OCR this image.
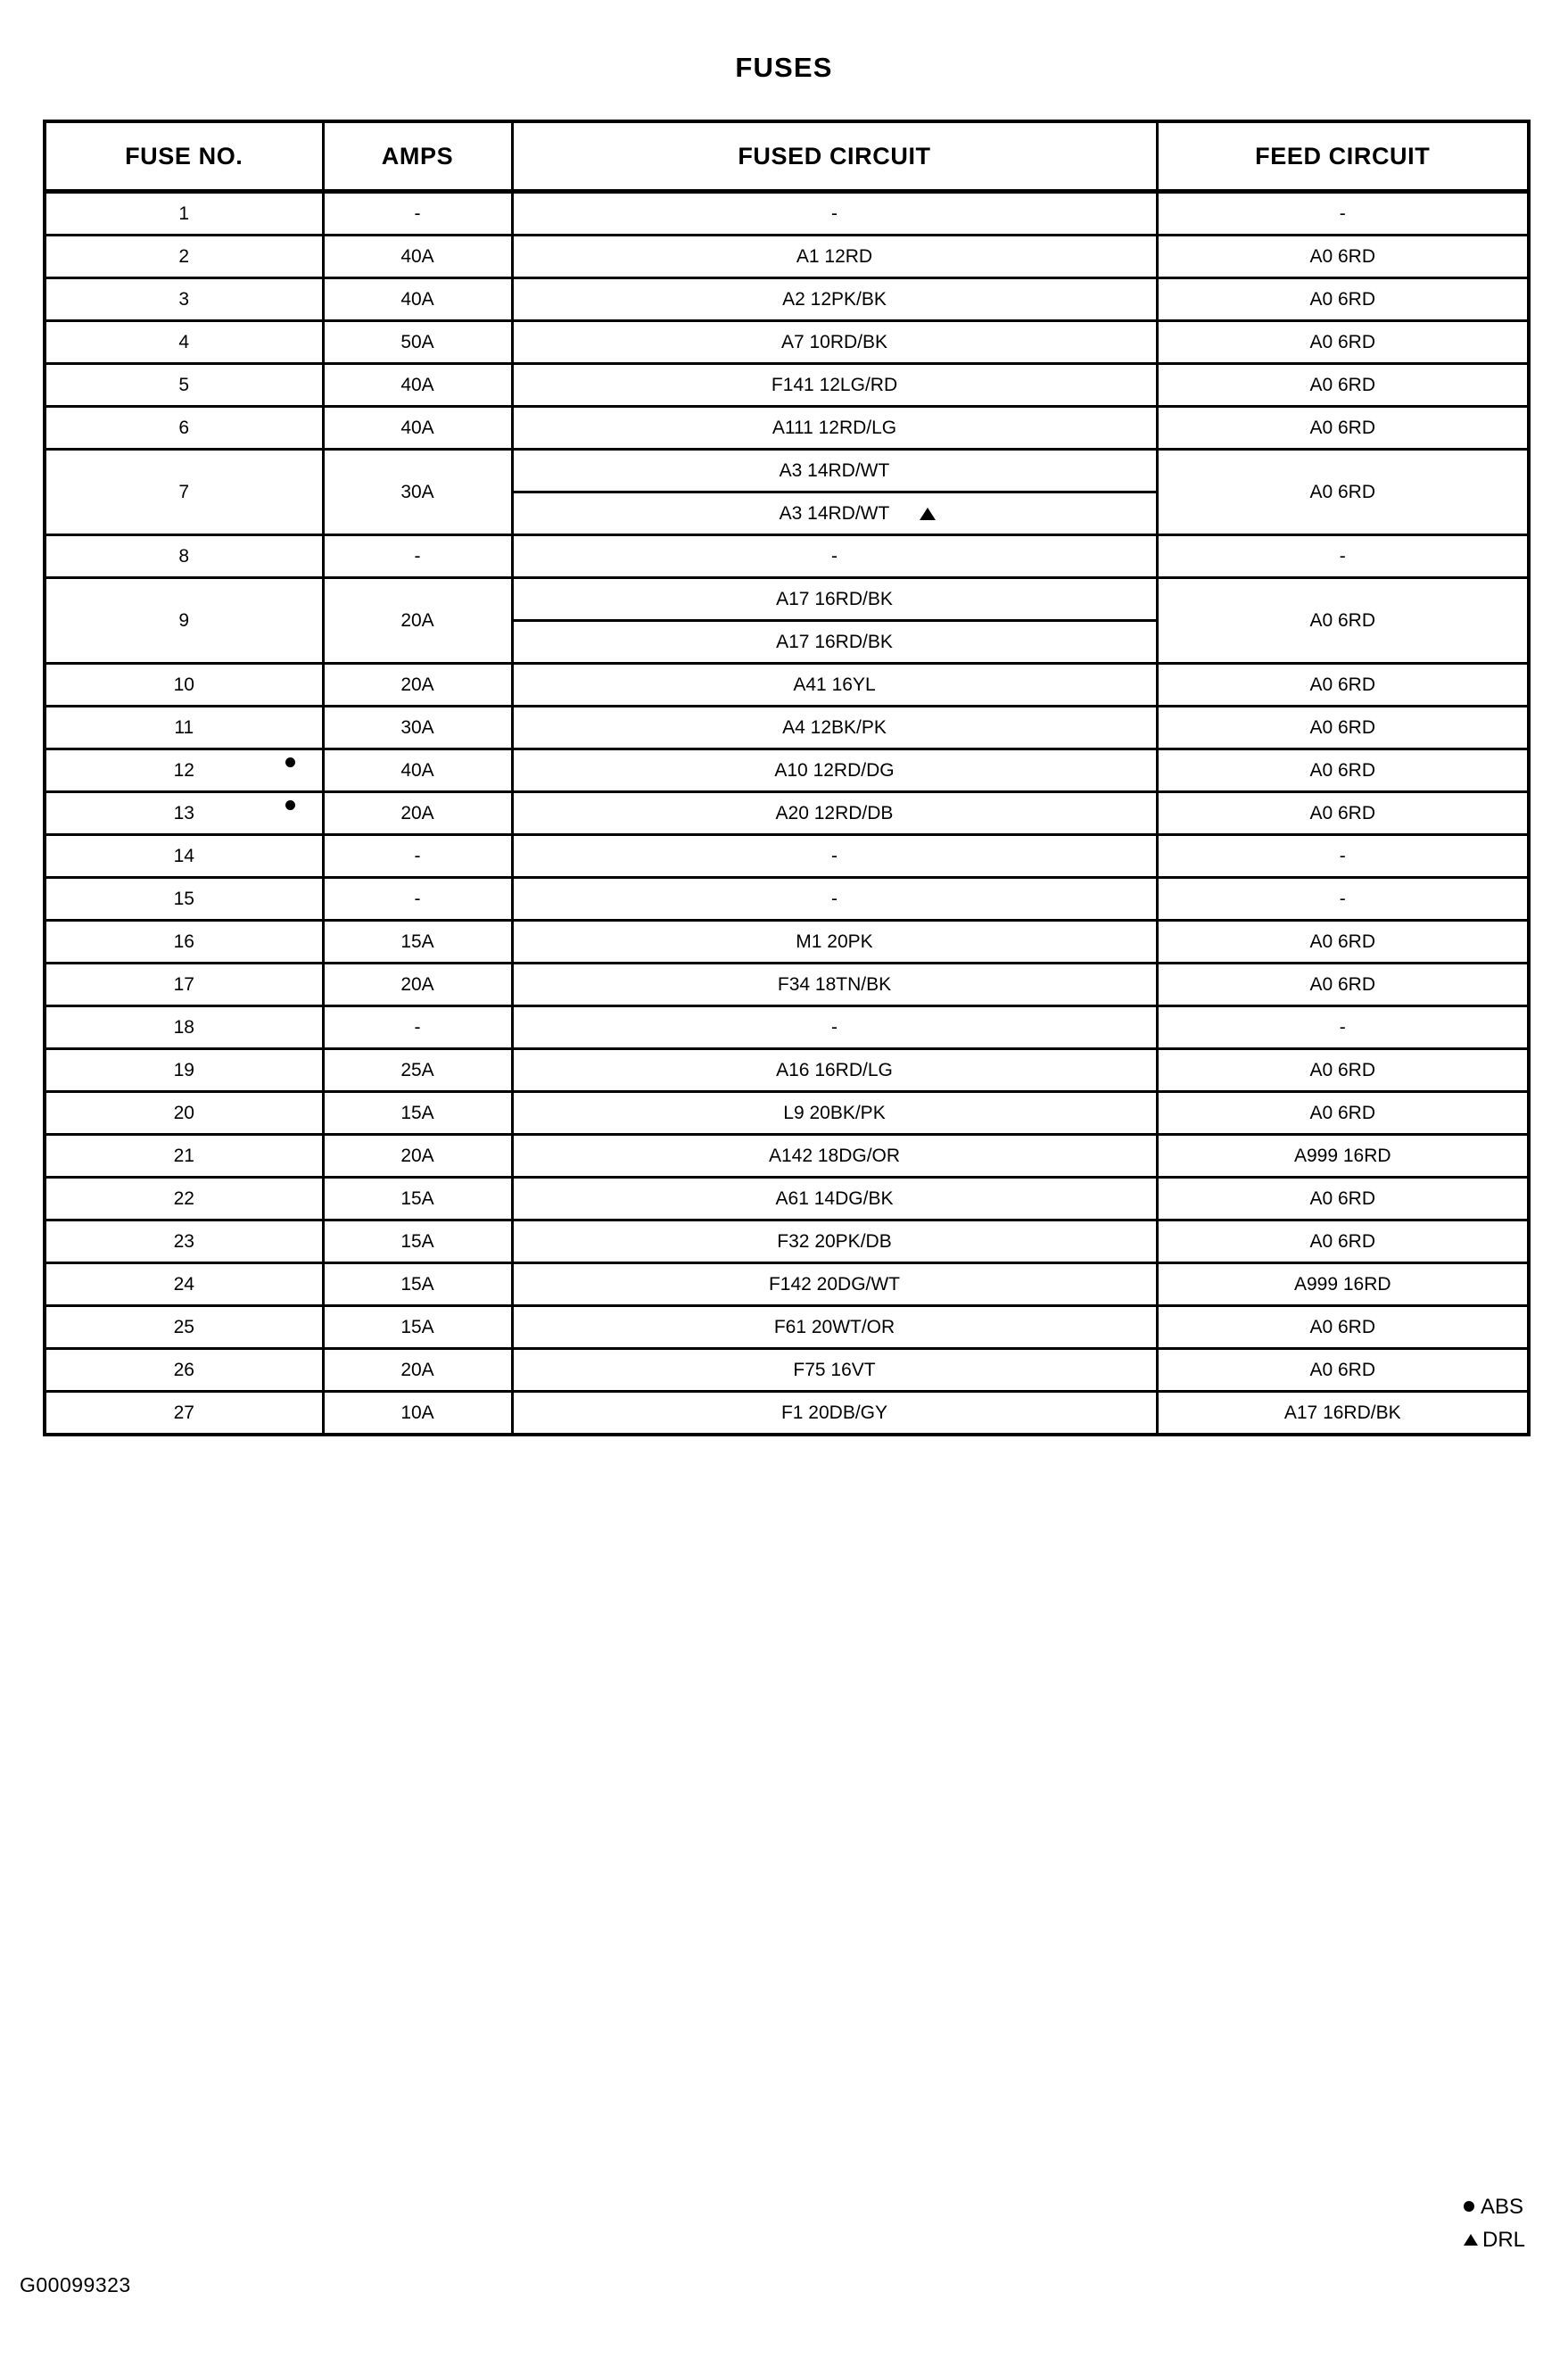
FUSES
FUSE NO.	AMPS	FUSED CIRCUIT	FEED CIRCUIT

1	-	-	-

2	40A	A1 12RD	A0 6RD

3	40A	A2 12PK/BK	A0 6RD

4	50A	A7 10RD/BK	A0 6RD

5	40A	F141 12LG/RD	A0 6RD

6	40A	A111 12RD/LG	A0 6RD

7	30A	A3 14RD/WT
A3 14RD/WT	A0 6RD

8	-	-	-

9	20A	A17 16RD/BK
A17 16RD/BK	A0 6RD

10	20A	A41 16YL	A0 6RD

11	30A	A4 12BK/PK	A0 6RD

12	40A	A10 12RD/DG	A0 6RD

13	20A	A20 12RD/DB	A0 6RD

14	-	-	-

15	-	-	-

16	15A	M1 20PK	A0 6RD

17	20A	F34 18TN/BK	A0 6RD

18	-	-	-

19	25A	A16 16RD/LG	A0 6RD

20	15A	L9 20BK/PK	A0 6RD

21	20A	A142 18DG/OR	A999 16RD

22	15A	A61 14DG/BK	A0 6RD

23	15A	F32 20PK/DB	A0 6RD

24	15A	F142 20DG/WT	A999 16RD

25	15A	F61 20WT/OR	A0 6RD

26	20A	F75 16VT	A0 6RD

27	10A	F1 20DB/GY	A17 16RD/BK
ABS
DRL
G00099323
